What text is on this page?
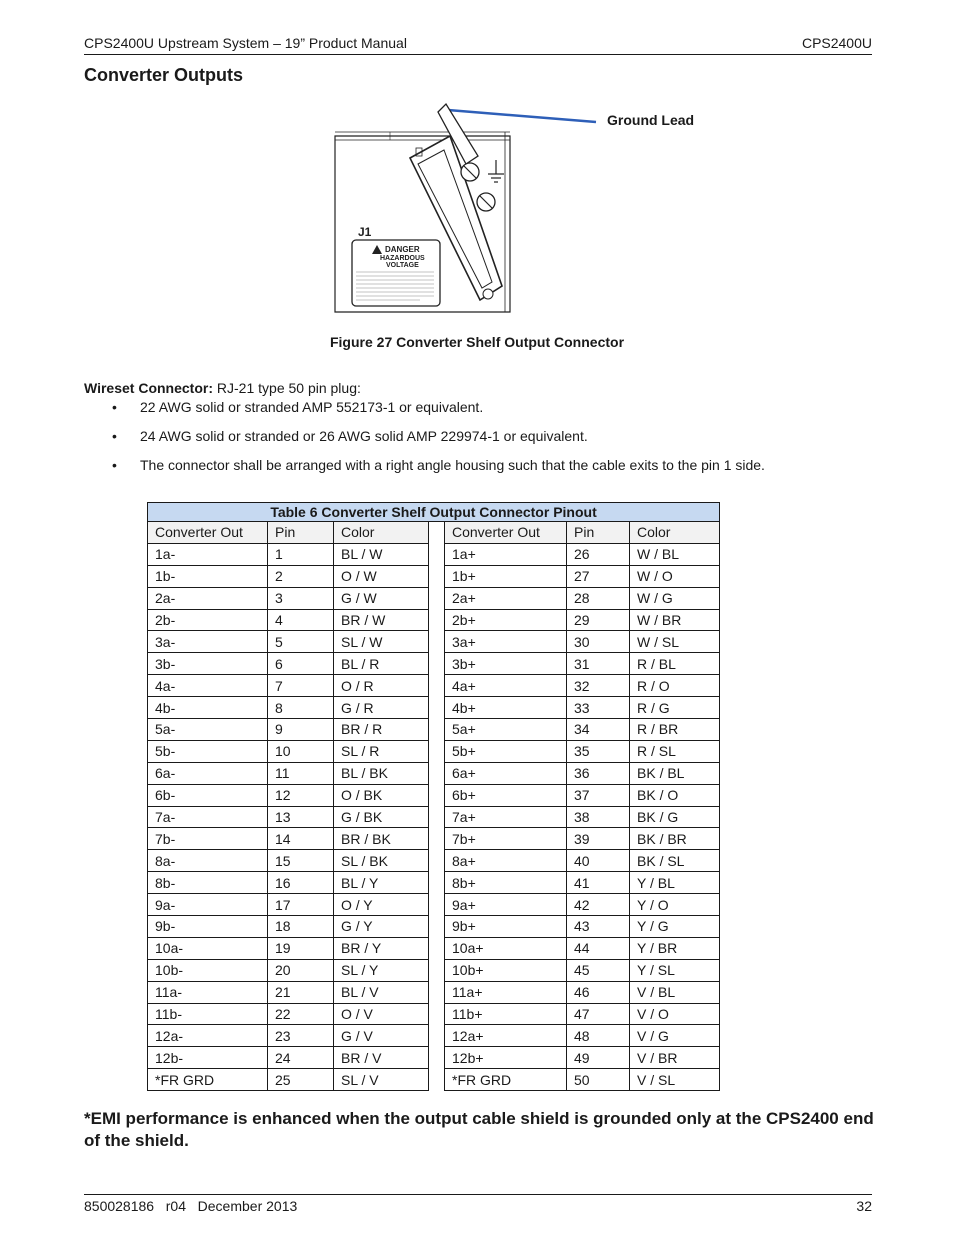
CPS2400U Upstream System – 19” Product Manual	CPS2400U
Converter Outputs
J1
DANGER
HAZARDOUS
VOLTAGE
Ground Lead
Figure 27 Converter Shelf Output Connector
Wireset Connector: RJ-21 type 50 pin plug:
• 22 AWG solid or stranded AMP 552173-1 or equivalent.
• 24 AWG solid or stranded or 26 AWG solid AMP 229974-1 or equivalent.
• The connector shall be arranged with a right angle housing such that the cable exits to the pin 1 side.
Table 6 Converter Shelf Output Connector Pinout						
Converter Out	Pin	Color		Converter Out	Pin	Color
1a-	1	BL / W		1a+	26	W / BL
1b-	2	O / W		1b+	27	W / O
2a-	3	G / W		2a+	28	W / G
2b-	4	BR / W		2b+	29	W / BR
3a-	5	SL / W		3a+	30	W / SL
3b-	6	BL / R		3b+	31	R / BL
4a-	7	O / R		4a+	32	R / O
4b-	8	G / R		4b+	33	R / G
5a-	9	BR / R		5a+	34	R / BR
5b-	10	SL / R		5b+	35	R / SL
6a-	11	BL / BK		6a+	36	BK / BL
6b-	12	O / BK		6b+	37	BK / O
7a-	13	G / BK		7a+	38	BK / G
7b-	14	BR / BK		7b+	39	BK / BR
8a-	15	SL / BK		8a+	40	BK / SL
8b-	16	BL / Y		8b+	41	Y / BL
9a-	17	O / Y		9a+	42	Y / O
9b-	18	G / Y		9b+	43	Y / G
10a-	19	BR / Y		10a+	44	Y / BR
10b-	20	SL / Y		10b+	45	Y / SL
11a-	21	BL / V		11a+	46	V / BL
11b-	22	O / V		11b+	47	V / O
12a-	23	G / V		12a+	48	V / G
12b-	24	BR / V		12b+	49	V / BR
*FR GRD	25	SL / V		*FR GRD	50	V / SL
*EMI performance is enhanced when the output cable shield is grounded only at the CPS2400 end of the shield.
850028186   r04   December 2013	32
